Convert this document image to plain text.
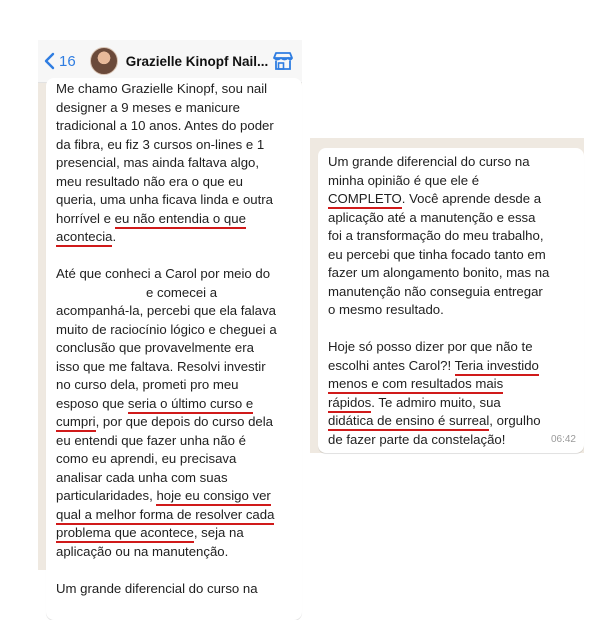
16	Grazielle Kinopf Nail...
Me chamo Grazielle Kinopf, sou nail
designer a 9 meses e manicure
tradicional a 10 anos. Antes do poder
da fibra, eu fiz 3 cursos on-lines e 1
presencial, mas ainda faltava algo,
meu resultado não era o que eu
queria, uma unha ficava linda e outra
horrível e eu não entendia o que
acontecia.
Até que conheci a Carol por meio do
e comecei a
acompanhá-la, percebi que ela falava
muito de raciocínio lógico e cheguei a
conclusão que provavelmente era
isso que me faltava. Resolvi investir
no curso dela, prometi pro meu
esposo que seria o último curso e
cumpri, por que depois do curso dela
eu entendi que fazer unha não é
como eu aprendi, eu precisava
analisar cada unha com suas
particularidades, hoje eu consigo ver
qual a melhor forma de resolver cada
problema que acontece, seja na
aplicação ou na manutenção.
Um grande diferencial do curso na
Um grande diferencial do curso na
minha opinião é que ele é
COMPLETO. Você aprende desde a
aplicação até a manutenção e essa
foi a transformação do meu trabalho,
eu percebi que tinha focado tanto em
fazer um alongamento bonito, mas na
manutenção não conseguia entregar
o mesmo resultado.
Hoje só posso dizer por que não te
escolhi antes Carol?! Teria investido
menos e com resultados mais
rápidos. Te admiro muito, sua
didática de ensino é surreal, orgulho
de fazer parte da constelação!	06:42
